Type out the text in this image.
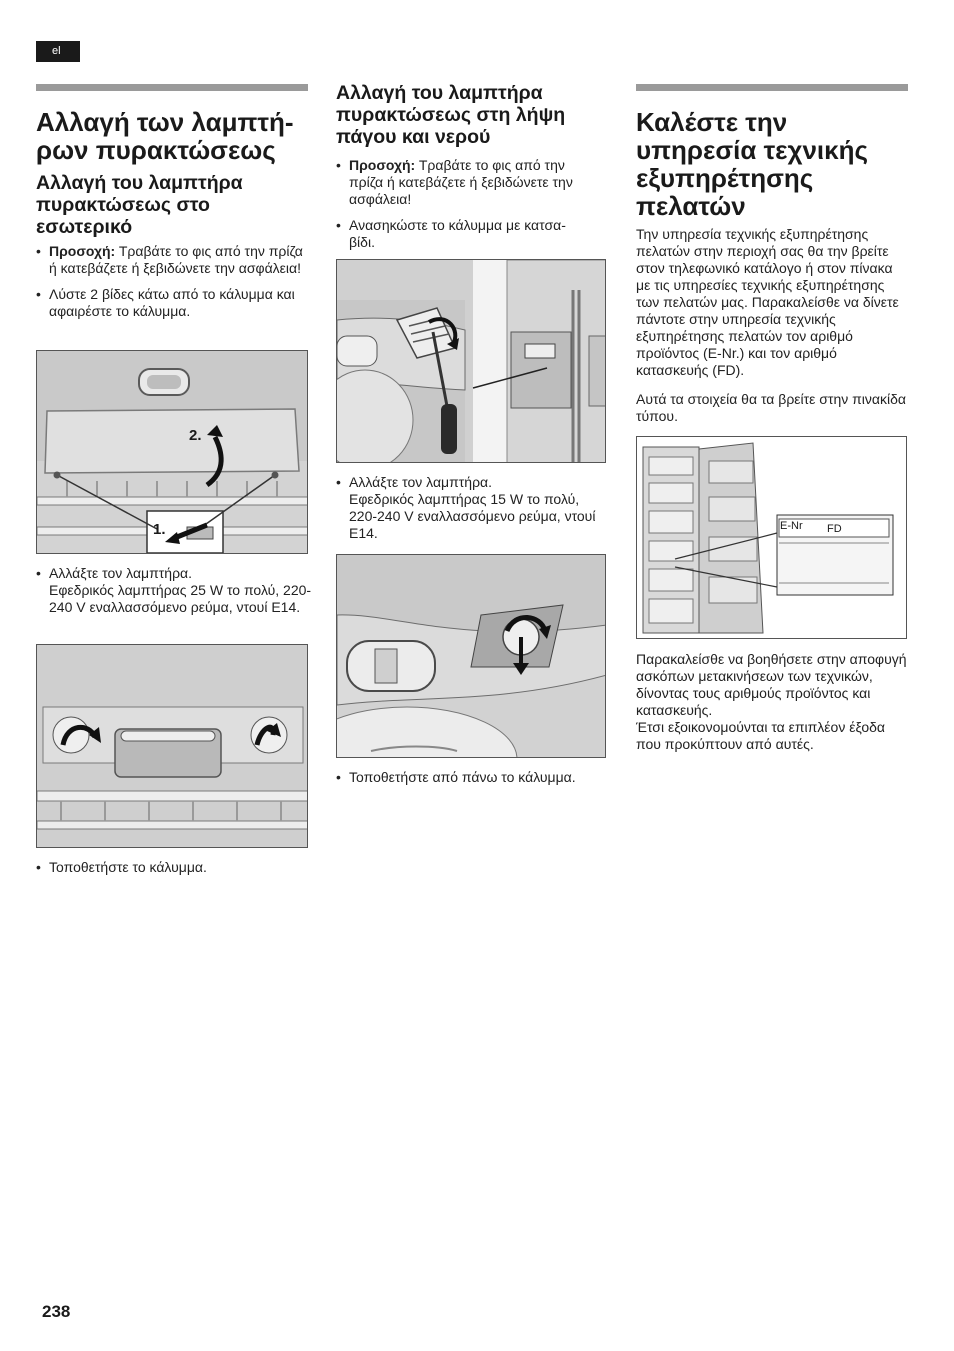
el
Αλλαγή των λαμπτή-
ρων πυρακτώσεως
Αλλαγή του λαμπτήρα
πυρακτώσεως στο
εσωτερικό
• Προσοχή: Τραβάτε το φις από την πρίζα ή κατεβάζετε ή ξεβιδώνετε την ασφάλεια!
• Λύστε 2 βίδες κάτω από το κάλυμμα και αφαιρέστε το κάλυμμα.
1.
2.
• Αλλάξτε τον λαμπτήρα.
Εφεδρικός λαμπτήρας 25 W το πολύ, 220-240 V εναλλασσόμενο ρεύμα, ντουί E14.
• Τοποθετήστε το κάλυμμα.
Αλλαγή του λαμπτήρα
πυρακτώσεως στη λήψη
πάγου και νερού
• Προσοχή: Τραβάτε το φις από την πρίζα ή κατεβάζετε ή ξεβιδώνετε την ασφάλεια!
• Ανασηκώστε το κάλυμμα με κατσα-
βίδι.
• Αλλάξτε τον λαμπτήρα.
Εφεδρικός λαμπτήρας 15 W το πολύ, 220-240 V εναλλασσόμενο ρεύμα, ντουί E14.
• Τοποθετήστε από πάνω το κάλυμμα.
Καλέστε την
υπηρεσία τεχνικής
εξυπηρέτησης
πελατών

Την υπηρεσία τεχνικής εξυπηρέτησης πελατών στην περιοχή σας θα την βρείτε στον τηλεφωνικό κατάλογο ή στον πίνακα με τις υπηρεσίες τεχνικής εξυπηρέτησης των πελατών μας. Παρακαλείσθε να δίνετε πάντοτε στην υπηρεσία τεχνικής εξυπηρέτησης πελατών τον αριθμό προϊόντος (E-Nr.) και τον αριθμό κατασκευής (FD).

Αυτά τα στοιχεία θα τα βρείτε στην πινακίδα τύπου.

E-Nr FD

Παρακαλείσθε να βοηθήσετε στην αποφυγή ασκόπων μετακινήσεων των τεχνικών, δίνοντας τους αριθμούς προϊόντος και κατασκευής.
Έτσι εξοικονομούνται τα επιπλέον έξοδα που προκύπτουν από αυτές.

238
